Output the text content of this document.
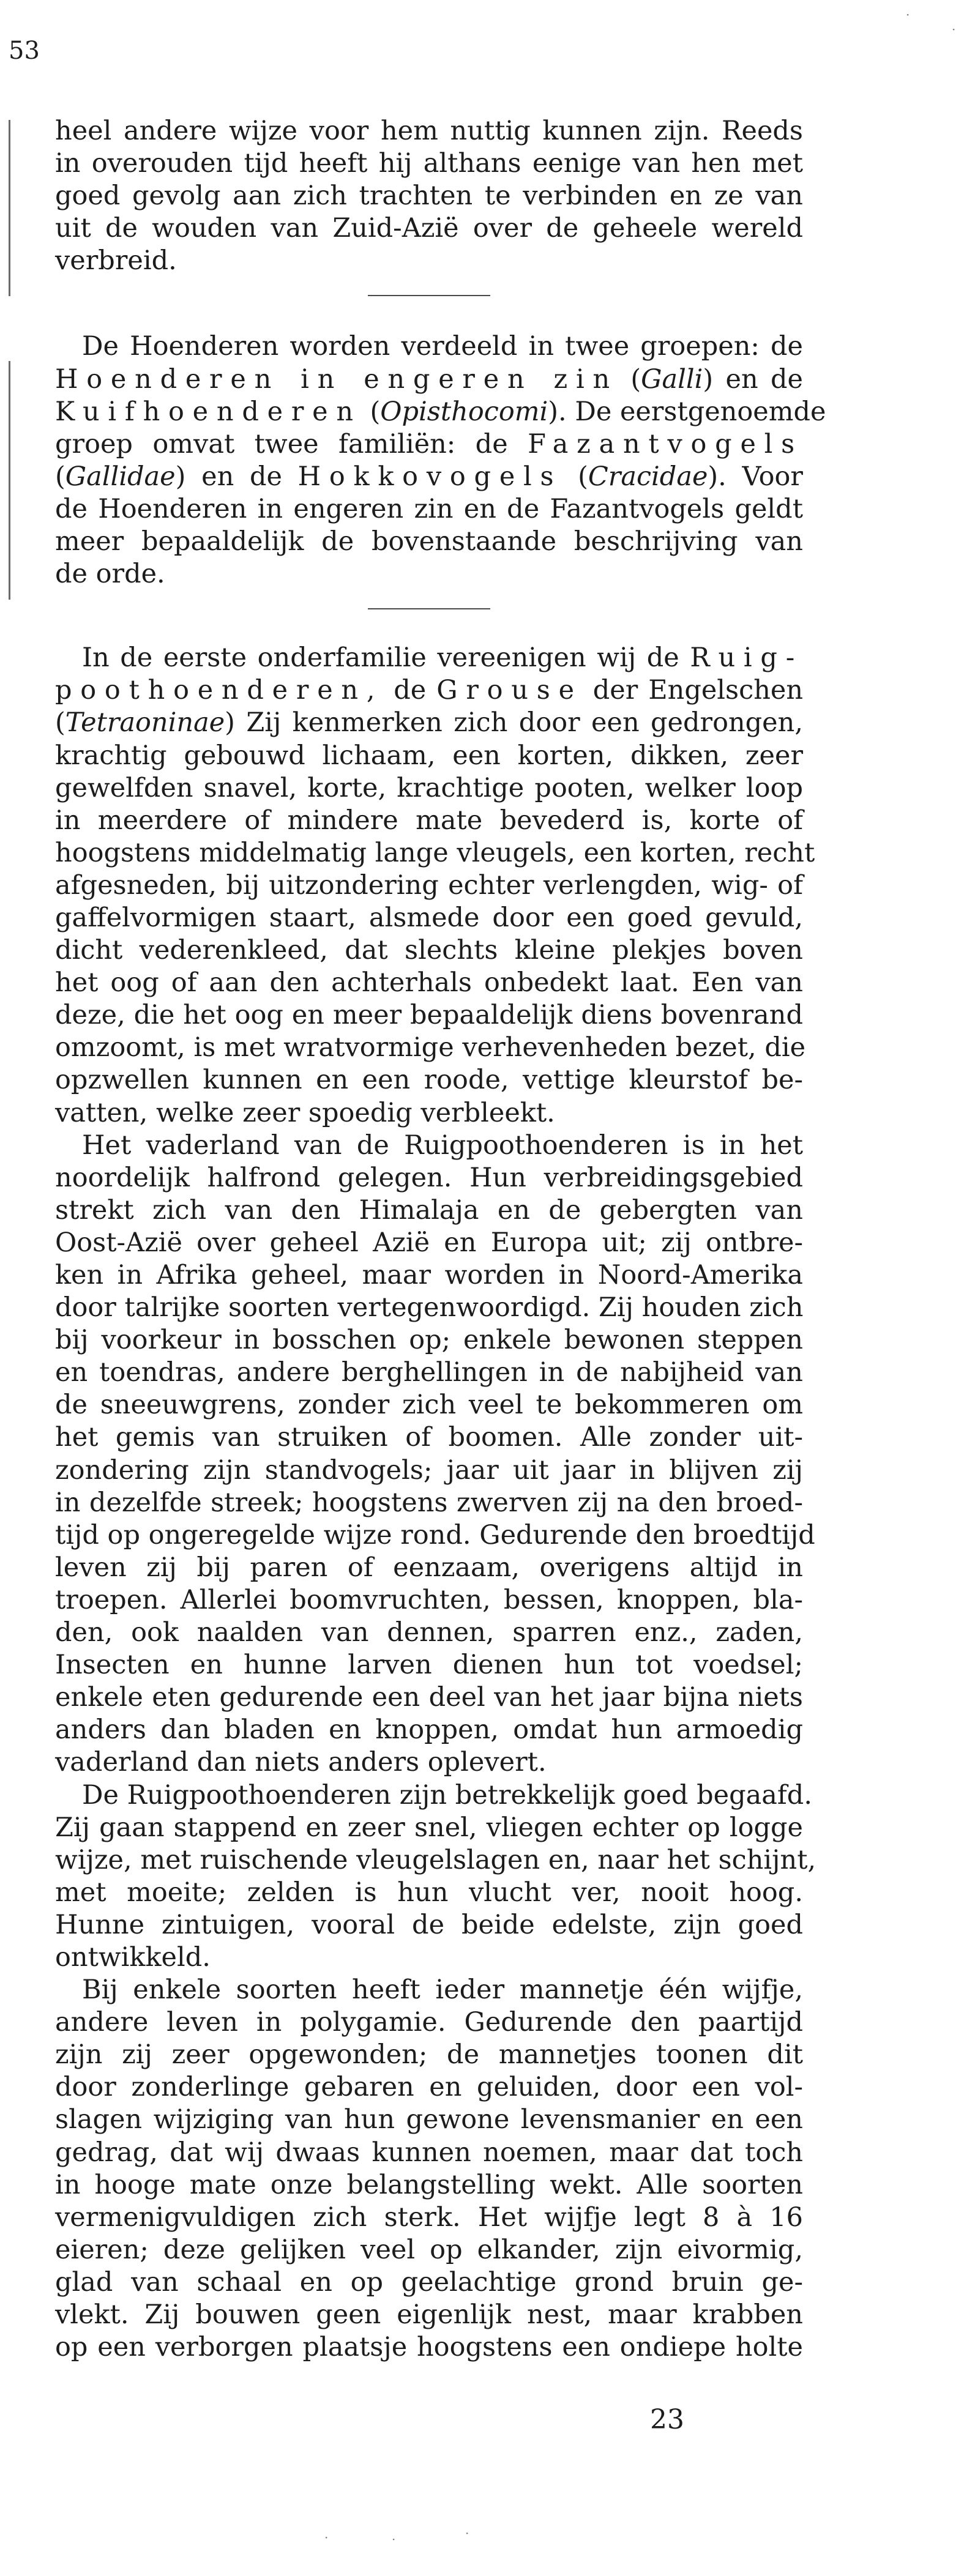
53
heel andere wijze voor hem nuttig kunnen zijn. Reeds
in overouden tijd heeft hij althans eenige van hen met
goed gevolg aan zich trachten te verbinden en ze van
uit de wouden van Zuid-Azië over de geheele wereld
verbreid.
De Hoenderen worden verdeeld in twee groepen: de
Hoenderen in engeren zin (Galli) en de
Kuifhoenderen (Opisthocomi). De eerstgenoemde
groep omvat twee familiën: de Fazantvogels
(Gallidae) en de Hokkovogels (Cracidae). Voor
de Hoenderen in engeren zin en de Fazantvogels geldt
meer bepaaldelijk de bovenstaande beschrijving van
de orde.
In de eerste onderfamilie vereenigen wij de Ruig-
poothoenderen, de Grouse der Engelschen
(Tetraoninae) Zij kenmerken zich door een gedrongen,
krachtig gebouwd lichaam, een korten, dikken, zeer
gewelfden snavel, korte, krachtige pooten, welker loop
in meerdere of mindere mate bevederd is, korte of
hoogstens middelmatig lange vleugels, een korten, recht
afgesneden, bij uitzondering echter verlengden, wig- of
gaffelvormigen staart, alsmede door een goed gevuld,
dicht vederenkleed, dat slechts kleine plekjes boven
het oog of aan den achterhals onbedekt laat. Een van
deze, die het oog en meer bepaaldelijk diens bovenrand
omzoomt, is met wratvormige verhevenheden bezet, die
opzwellen kunnen en een roode, vettige kleurstof be-
vatten, welke zeer spoedig verbleekt.
Het vaderland van de Ruigpoothoenderen is in het
noordelijk halfrond gelegen. Hun verbreidingsgebied
strekt zich van den Himalaja en de gebergten van
Oost-Azië over geheel Azië en Europa uit; zij ontbre-
ken in Afrika geheel, maar worden in Noord-Amerika
door talrijke soorten vertegenwoordigd. Zij houden zich
bij voorkeur in bosschen op; enkele bewonen steppen
en toendras, andere berghellingen in de nabijheid van
de sneeuwgrens, zonder zich veel te bekommeren om
het gemis van struiken of boomen. Alle zonder uit-
zondering zijn standvogels; jaar uit jaar in blijven zij
in dezelfde streek; hoogstens zwerven zij na den broed-
tijd op ongeregelde wijze rond. Gedurende den broedtijd
leven zij bij paren of eenzaam, overigens altijd in
troepen. Allerlei boomvruchten, bessen, knoppen, bla-
den, ook naalden van dennen, sparren enz., zaden,
Insecten en hunne larven dienen hun tot voedsel;
enkele eten gedurende een deel van het jaar bijna niets
anders dan bladen en knoppen, omdat hun armoedig
vaderland dan niets anders oplevert.
De Ruigpoothoenderen zijn betrekkelijk goed begaafd.
Zij gaan stappend en zeer snel, vliegen echter op logge
wijze, met ruischende vleugelslagen en, naar het schijnt,
met moeite; zelden is hun vlucht ver, nooit hoog.
Hunne zintuigen, vooral de beide edelste, zijn goed
ontwikkeld.
Bij enkele soorten heeft ieder mannetje één wijfje,
andere leven in polygamie. Gedurende den paartijd
zijn zij zeer opgewonden; de mannetjes toonen dit
door zonderlinge gebaren en geluiden, door een vol-
slagen wijziging van hun gewone levensmanier en een
gedrag, dat wij dwaas kunnen noemen, maar dat toch
in hooge mate onze belangstelling wekt. Alle soorten
vermenigvuldigen zich sterk. Het wijfje legt 8 à 16
eieren; deze gelijken veel op elkander, zijn eivormig,
glad van schaal en op geelachtige grond bruin ge-
vlekt. Zij bouwen geen eigenlijk nest, maar krabben
op een verborgen plaatsje hoogstens een ondiepe holte
23
·
·
·	·	·
